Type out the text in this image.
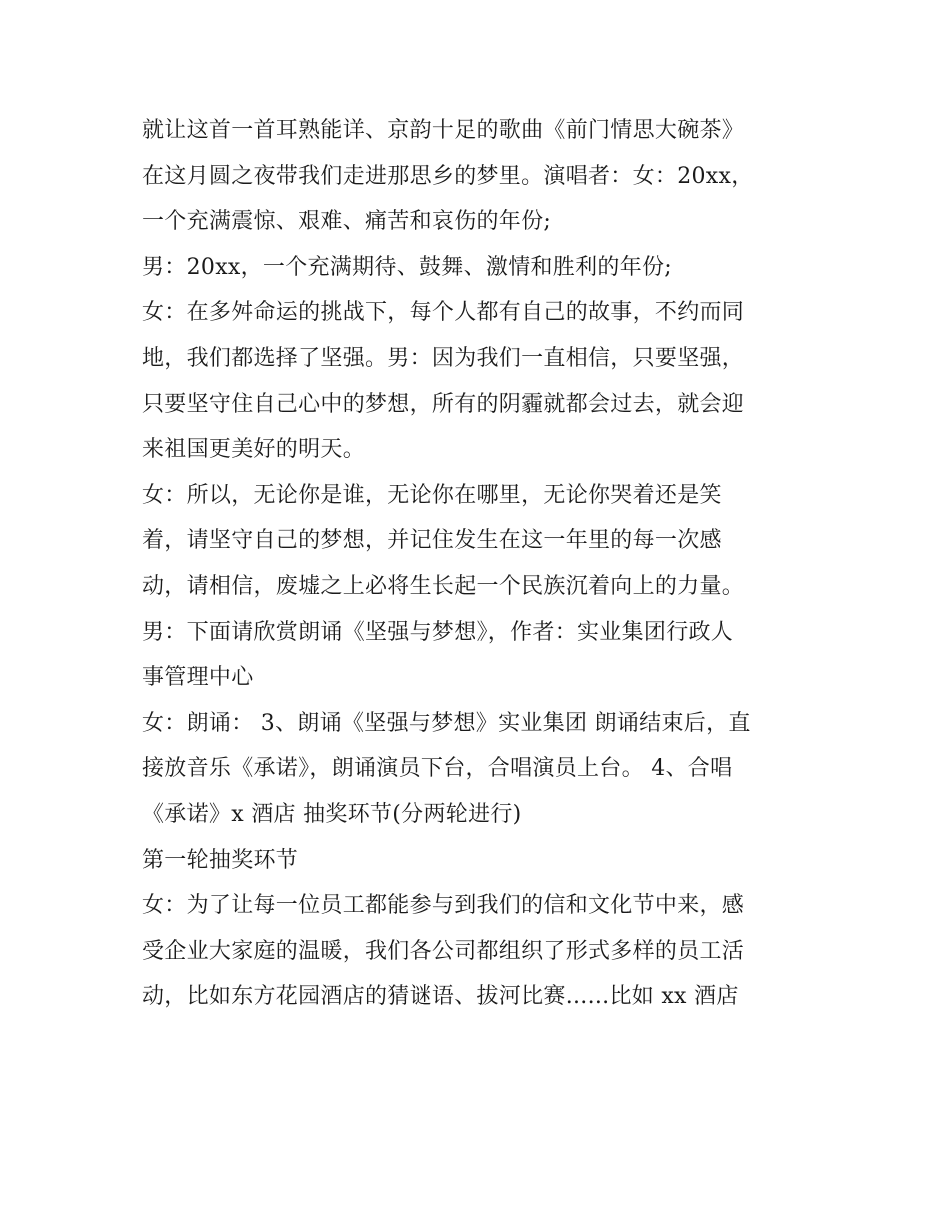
就让这首一首耳熟能详、京韵十足的歌曲《前门情思大碗茶》
在这月圆之夜带我们走进那思乡的梦里。演唱者：女：20xx，
一个充满震惊、艰难、痛苦和哀伤的年份;
男：20xx，一个充满期待、鼓舞、激情和胜利的年份;
女：在多舛命运的挑战下，每个人都有自己的故事，不约而同
地，我们都选择了坚强。男：因为我们一直相信，只要坚强，
只要坚守住自己心中的梦想，所有的阴霾就都会过去，就会迎
来祖国更美好的明天。
女：所以，无论你是谁，无论你在哪里，无论你哭着还是笑
着，请坚守自己的梦想，并记住发生在这一年里的每一次感
动，请相信，废墟之上必将生长起一个民族沉着向上的力量。
男：下面请欣赏朗诵《坚强与梦想》，作者：实业集团行政人
事管理中心
女：朗诵： 3、朗诵《坚强与梦想》实业集团 朗诵结束后，直
接放音乐《承诺》，朗诵演员下台，合唱演员上台。 4、合唱
《承诺》x 酒店 抽奖环节(分两轮进行)
第一轮抽奖环节
女：为了让每一位员工都能参与到我们的信和文化节中来，感
受企业大家庭的温暖，我们各公司都组织了形式多样的员工活
动，比如东方花园酒店的猜谜语、拔河比赛......比如 xx 酒店
